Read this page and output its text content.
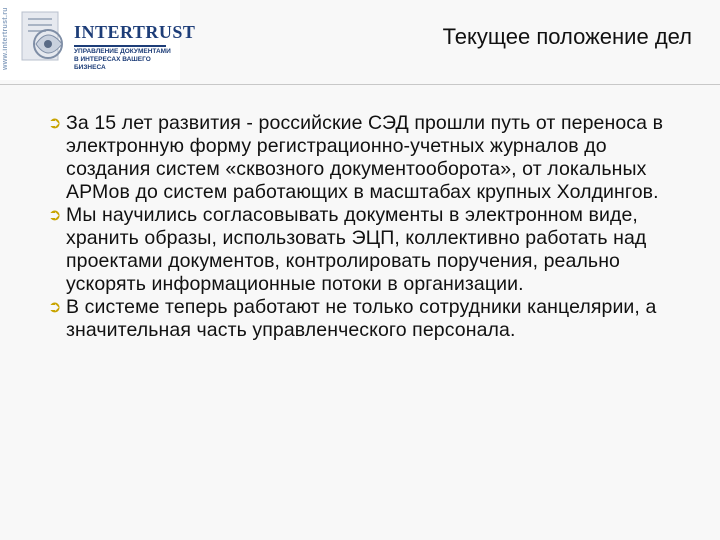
www.intertrust.ru	INTERTRUST
УПРАВЛЕНИЕ ДОКУМЕНТАМИ
В ИНТЕРЕСАХ ВАШЕГО БИЗНЕСА
Текущее положение дел
➲ За 15 лет развития - российские СЭД прошли путь от переноса в электронную форму регистрационно-учетных журналов до создания систем «сквозного документооборота», от локальных АРМов до систем работающих в масштабах крупных Холдингов.
➲ Мы научились согласовывать документы в электронном виде, хранить образы, использовать ЭЦП, коллективно работать над проектами документов, контролировать поручения, реально ускорять информационные потоки в организации.
➲ В системе теперь работают не только сотрудники канцелярии, а значительная часть управленческого персонала.
